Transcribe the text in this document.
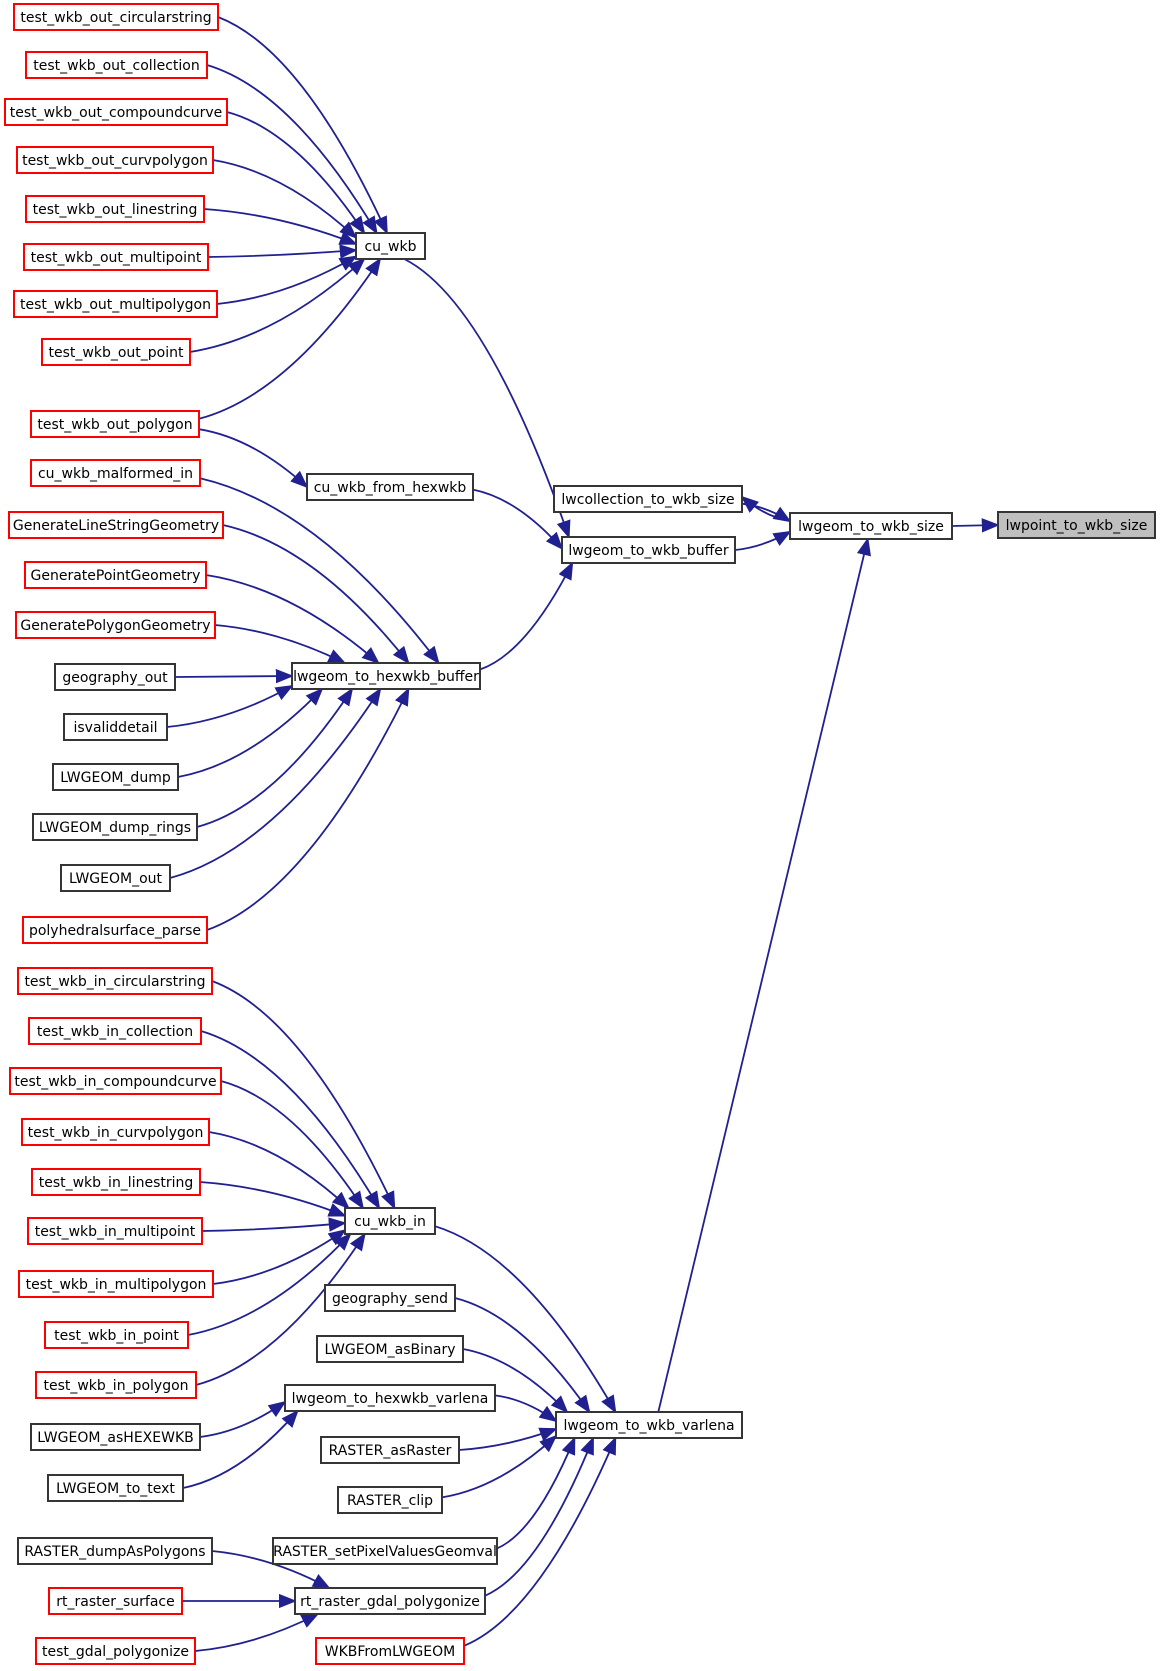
test_wkb_out_circularstring
test_wkb_out_collection
test_wkb_out_compoundcurve
test_wkb_out_curvpolygon
test_wkb_out_linestring
test_wkb_out_multipoint
test_wkb_out_multipolygon
test_wkb_out_point
test_wkb_out_polygon
cu_wkb_malformed_in
GenerateLineStringGeometry
GeneratePointGeometry
GeneratePolygonGeometry
geography_out
isvaliddetail
LWGEOM_dump
LWGEOM_dump_rings
LWGEOM_out
polyhedralsurface_parse
test_wkb_in_circularstring
test_wkb_in_collection
test_wkb_in_compoundcurve
test_wkb_in_curvpolygon
test_wkb_in_linestring
test_wkb_in_multipoint
test_wkb_in_multipolygon
test_wkb_in_point
test_wkb_in_polygon
LWGEOM_asHEXEWKB
LWGEOM_to_text
RASTER_dumpAsPolygons
rt_raster_surface
test_gdal_polygonize
cu_wkb
cu_wkb_from_hexwkb
lwgeom_to_hexwkb_buffer
cu_wkb_in
geography_send
LWGEOM_asBinary
lwgeom_to_hexwkb_varlena
RASTER_asRaster
RASTER_clip
RASTER_setPixelValuesGeomval
rt_raster_gdal_polygonize
WKBFromLWGEOM
lwcollection_to_wkb_size
lwgeom_to_wkb_buffer
lwgeom_to_wkb_varlena
lwgeom_to_wkb_size	lwpoint_to_wkb_size
